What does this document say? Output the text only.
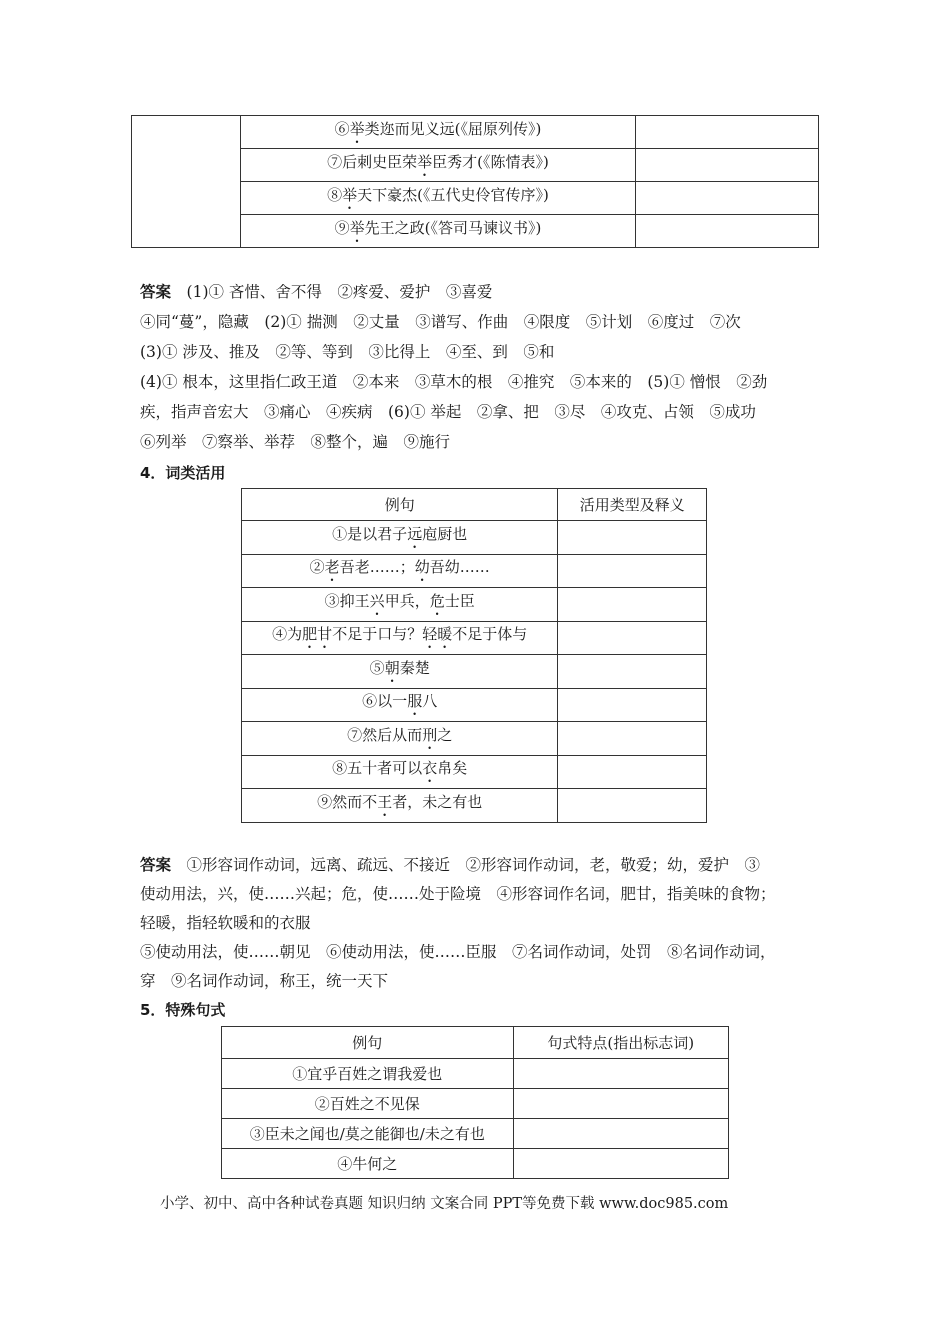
	⑥举类迩而见义远(《屈原列传》)	
	⑦后刺史臣荣举臣秀才(《陈情表》)	
	⑧举天下豪杰(《五代史伶官传序》)	
	⑨举先王之政(《答司马谏议书》)	
答案　 (1)① 吝惜、舍不得　②疼爱、爱护　③喜爱
④同“蔓”，隐藏　(2)① 揣测　②丈量　③谱写、作曲　④限度　⑤计划　⑥度过　⑦次
(3)① 涉及、推及　②等、等到　③比得上　④至、到　⑤和
(4)① 根本，这里指仁政王道　②本来　③草木的根　④推究　⑤本来的　(5)① 憎恨　②劲
疾，指声音宏大　③痛心　④疾病　(6)① 举起　②拿、把　③尽　④攻克、占领　⑤成功
⑥列举　⑦察举、举荐　⑧整个，遍　⑨施行
4．词类活用
例句	活用类型及释义
①是以君子远庖厨也	
②老吾老……；幼吾幼……	
③抑王兴甲兵，危士臣	
④为肥甘不足于口与？轻暖不足于体与	
⑤朝秦楚	
⑥以一服八	
⑦然后从而刑之	
⑧五十者可以衣帛矣	
⑨然而不王者，未之有也	
答案　 ①形容词作动词，远离、疏远、不接近　②形容词作动词，老，敬爱；幼，爱护　③
使动用法，兴，使……兴起；危，使……处于险境　④形容词作名词，肥甘，指美味的食物；
轻暖，指轻软暖和的衣服
⑤使动用法，使……朝见　⑥使动用法，使……臣服　⑦名词作动词，处罚　⑧名词作动词，
穿　⑨名词作动词，称王，统一天下
5．特殊句式
例句	句式特点(指出标志词)
①宜乎百姓之谓我爱也	
②百姓之不见保	
③臣未之闻也/莫之能御也/未之有也	
④牛何之	
小学、初中、高中各种试卷真题 知识归纳 文案合同 PPT等免费下载 www.doc985.com
